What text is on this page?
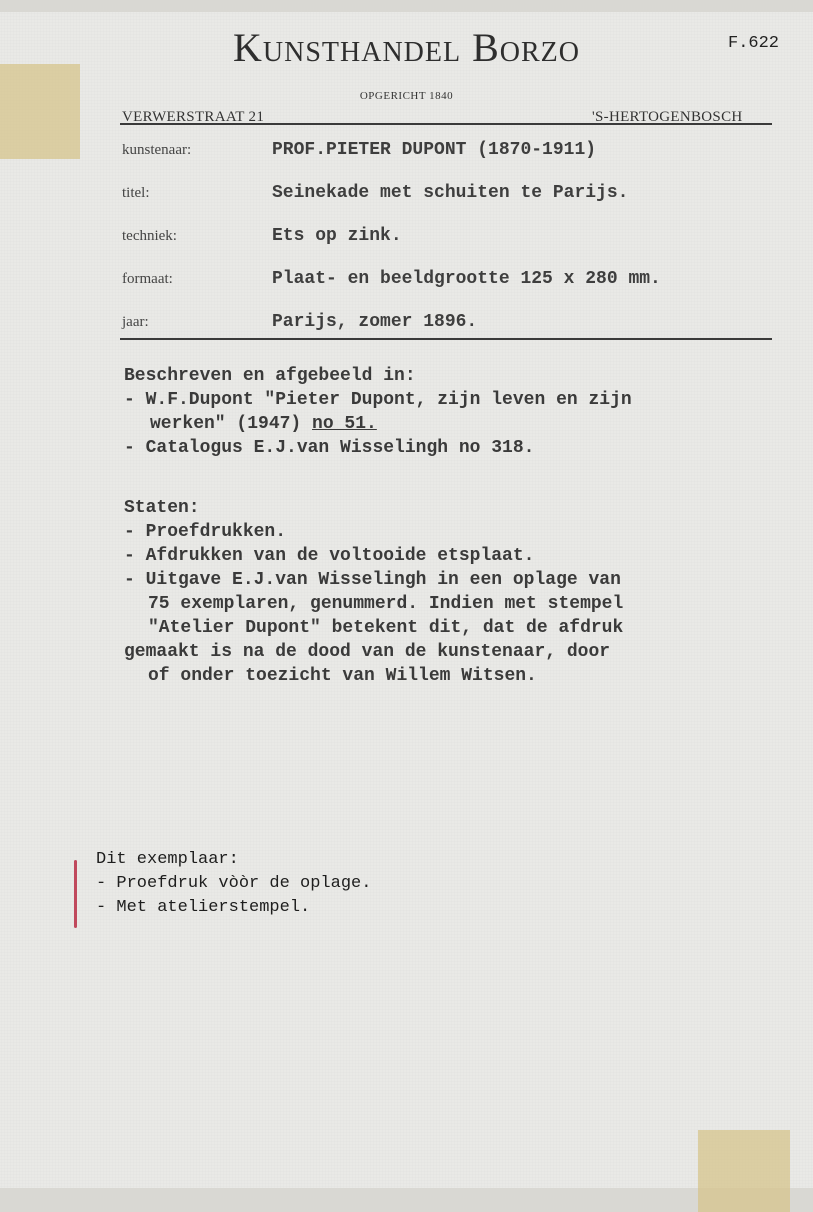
Kunsthandel Borzo	F.622
OPGERICHT 1840
VERWERSTRAAT 21	'S-HERTOGENBOSCH
kunstenaar:	PROF.PIETER DUPONT (1870-1911)
titel:	Seinekade met schuiten te Parijs.
techniek:	Ets op zink.
formaat:	Plaat- en beeldgrootte 125 x 280 mm.
jaar:	Parijs, zomer 1896.
Beschreven en afgebeeld in:
- W.F.Dupont "Pieter Dupont, zijn leven en zijn
werken" (1947) no 51.
- Catalogus E.J.van Wisselingh no 318.
Staten:
- Proefdrukken.
- Afdrukken van de voltooide etsplaat.
- Uitgave E.J.van Wisselingh in een oplage van
75 exemplaren, genummerd. Indien met stempel
"Atelier Dupont" betekent dit, dat de afdruk
gemaakt is na de dood van de kunstenaar, door
of onder toezicht van Willem Witsen.
Dit exemplaar:
- Proefdruk vòòr de oplage.
- Met atelierstempel.
